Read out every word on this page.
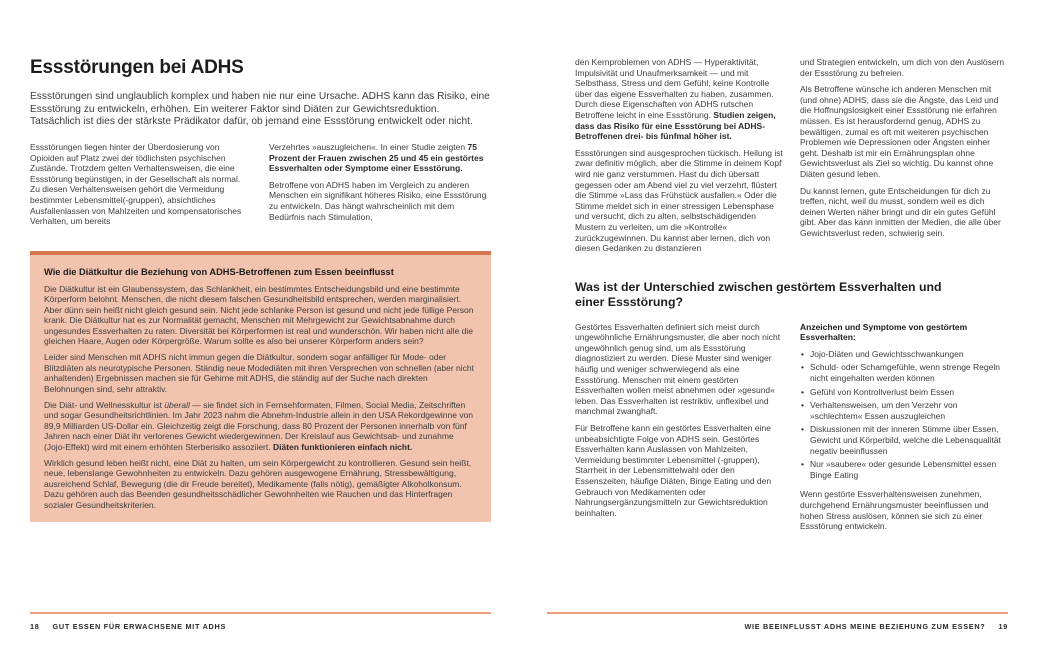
Essstörungen bei ADHS

Essstörungen sind unglaublich komplex und haben nie nur eine Ursache. ADHS kann das Risiko, eine Essstörung zu entwickeln, erhöhen. Ein weiterer Faktor sind Diäten zur Gewichtsreduktion. Tatsächlich ist dies der stärkste Prädikator dafür, ob jemand eine Essstörung entwickelt oder nicht.

Essstörungen liegen hinter der Überdosierung von Opioiden auf Platz zwei der tödlichsten psychischen Zustände. Trotzdem gelten Verhaltensweisen, die eine Essstörung begünstigen, in der Gesellschaft als normal. Zu diesen Verhaltensweisen gehört die Vermeidung bestimmter Lebensmittel(-gruppen), absichtliches Ausfallenlassen von Mahlzeiten und kompensatorisches Verhalten, um bereits

Verzehrtes »auszugleichen«. In einer Studie zeigten 75 Prozent der Frauen zwischen 25 und 45 ein gestörtes Essverhalten oder Symptome einer Essstörung.

Betroffene von ADHS haben im Vergleich zu anderen Menschen ein signifikant höheres Risiko, eine Essstörung zu entwickeln. Das hängt wahrscheinlich mit dem Bedürfnis nach Stimulation,

Wie die Diätkultur die Beziehung von ADHS-Betroffenen zum Essen beeinflusst

Die Diätkultur ist ein Glaubenssystem, das Schlankheit, ein bestimmtes Entscheidungsbild und eine bestimmte Körperform belohnt. Menschen, die nicht diesem falschen Gesundheitsbild entsprechen, werden marginalisiert. Aber dünn sein heißt nicht gleich gesund sein. Nicht jede schlanke Person ist gesund und nicht jede füllige Person krank. Die Diätkultur hat es zur Normalität gemacht, Menschen mit Mehrgewicht zur Gewichtsabnahme durch ungesundes Essverhalten zu raten. Diversität bei Körperformen ist real und wunderschön. Wir haben nicht alle die gleichen Haare, Augen oder Körpergröße. Warum sollte es also bei unserer Körperform anders sein?

Leider sind Menschen mit ADHS nicht immun gegen die Diätkultur, sondern sogar anfälliger für Mode- oder Blitzdiäten als neurotypische Personen. Ständig neue Modediäten mit ihren Versprechen von schnellen (aber nicht anhaltenden) Ergebnissen machen sie für Gehirne mit ADHS, die ständig auf der Suche nach direkten Belohnungen sind, sehr attraktiv.

Die Diät- und Wellnesskultur ist überall — sie findet sich in Fernsehformaten, Filmen, Social Media, Zeitschriften und sogar Gesundheitsrichtlinien. Im Jahr 2023 nahm die Abnehm-Industrie allein in den USA Rekordgewinne von 89,9 Milliarden US-Dollar ein. Gleichzeitig zeigt die Forschung, dass 80 Prozent der Personen innerhalb von fünf Jahren nach einer Diät ihr verlorenes Gewicht wiedergewinnen. Der Kreislauf aus Gewichtsab- und zunahme (Jojo-Effekt) wird mit einem erhöhten Sterberisiko assoziiert. Diäten funktionieren einfach nicht.

Wirklich gesund leben heißt nicht, eine Diät zu halten, um sein Körpergewicht zu kontrollieren. Gesund sein heißt, neue, lebenslange Gewohnheiten zu entwickeln. Dazu gehören ausgewogene Ernährung, Stressbewältigung, ausreichend Schlaf, Bewegung (die dir Freude bereitet), Medikamente (falls nötig), gemäßigter Alkoholkonsum. Dazu gehören auch das Beenden gesundheitsschädlicher Gewohnheiten wie Rauchen und das Hinterfragen sozialer Gesundheitskriterien.

den Kernproblemen von ADHS — Hyperaktivität, Impulsivität und Unaufmerksamkeit — und mit Selbsthass, Stress und dem Gefühl, keine Kontrolle über das eigene Essverhalten zu haben, zusammen. Durch diese Eigenschaften von ADHS rutschen Betroffene leicht in eine Essstörung. Studien zeigen, dass das Risiko für eine Essstörung bei ADHS-Betroffenen drei- bis fünfmal höher ist.

Essstörungen sind ausgesprochen tückisch. Heilung ist zwar definitiv möglich, aber die Stimme in deinem Kopf wird nie ganz verstummen. Hast du dich übersatt gegessen oder am Abend viel zu viel verzehrt, flüstert die Stimme »Lass das Frühstück ausfallen.« Oder die Stimme meldet sich in einer stressigen Lebensphase und versucht, dich zu alten, selbstschädigenden Mustern zu verleiten, um die »Kontrolle« zurückzugewinnen. Du kannst aber lernen, dich von diesen Gedanken zu distanzieren

und Strategien entwickeln, um dich von den Auslösern der Essstörung zu befreien.

Als Betroffene wünsche ich anderen Menschen mit (und ohne) ADHS, dass sie die Ängste, das Leid und die Hoffnungslosigkeit einer Essstörung nie erfahren müssen. Es ist herausfordernd genug, ADHS zu bewältigen, zumal es oft mit weiteren psychischen Problemen wie Depressionen oder Ängsten einher geht. Deshalb ist mir ein Ernährungsplan ohne Gewichtsverlust als Ziel so wichtig. Du kannst ohne Diäten gesund leben.

Du kannst lernen, gute Entscheidungen für dich zu treffen, nicht, weil du musst, sondern weil es dich deinen Werten näher bringt und dir ein gutes Gefühl gibt. Aber das kann inmitten der Medien, die alle über Gewichtsverlust reden, schwierig sein.

Was ist der Unterschied zwischen gestörtem Essverhalten und einer Essstörung?

Gestörtes Essverhalten definiert sich meist durch ungewöhnliche Ernährungsmuster, die aber noch nicht ungewöhnlich genug sind, um als Essstörung diagnostiziert zu werden. Diese Muster sind weniger häufig und weniger schwerwiegend als eine Essstörung. Menschen mit einem gestörten Essverhalten wollen meist abnehmen oder »gesund« leben. Das Essverhalten ist restriktiv, unflexibel und manchmal zwanghaft.

Für Betroffene kann ein gestörtes Essverhalten eine unbeabsichtigte Folge von ADHS sein. Gestörtes Essverhalten kann Auslassen von Mahlzeiten, Vermeidung bestimmter Lebensmittel (-gruppen), Starrheit in der Lebensmittelwahl oder den Essenszeiten, häufige Diäten, Binge Eating und den Gebrauch von Medikamenten oder Nahrungsergänzungsmitteln zur Gewichtsreduktion beinhalten.

Anzeichen und Symptome von gestörtem Essverhalten:

• Jojo-Diäten und Gewichtsschwankungen
• Schuld- oder Schamgefühle, wenn strenge Regeln nicht eingehalten werden können
• Gefühl von Kontrollverlust beim Essen
• Verhaltensweisen, um den Verzehr von »schlechtem« Essen auszugleichen
• Diskussionen mit der inneren Stimme über Essen, Gewicht und Körperbild, welche die Lebensqualität negativ beeinflussen
• Nur »saubere« oder gesunde Lebensmittel essen Binge Eating

Wenn gestörte Essverhaltensweisen zunehmen, durchgehend Ernährungsmuster beeinflussen und hohen Stress auslösen, können sie sich zu einer Essstörung entwickeln.

18 GUT ESSEN FÜR ERWACHSENE MIT ADHS	WIE BEEINFLUSST ADHS MEINE BEZIEHUNG ZUM ESSEN? 19
